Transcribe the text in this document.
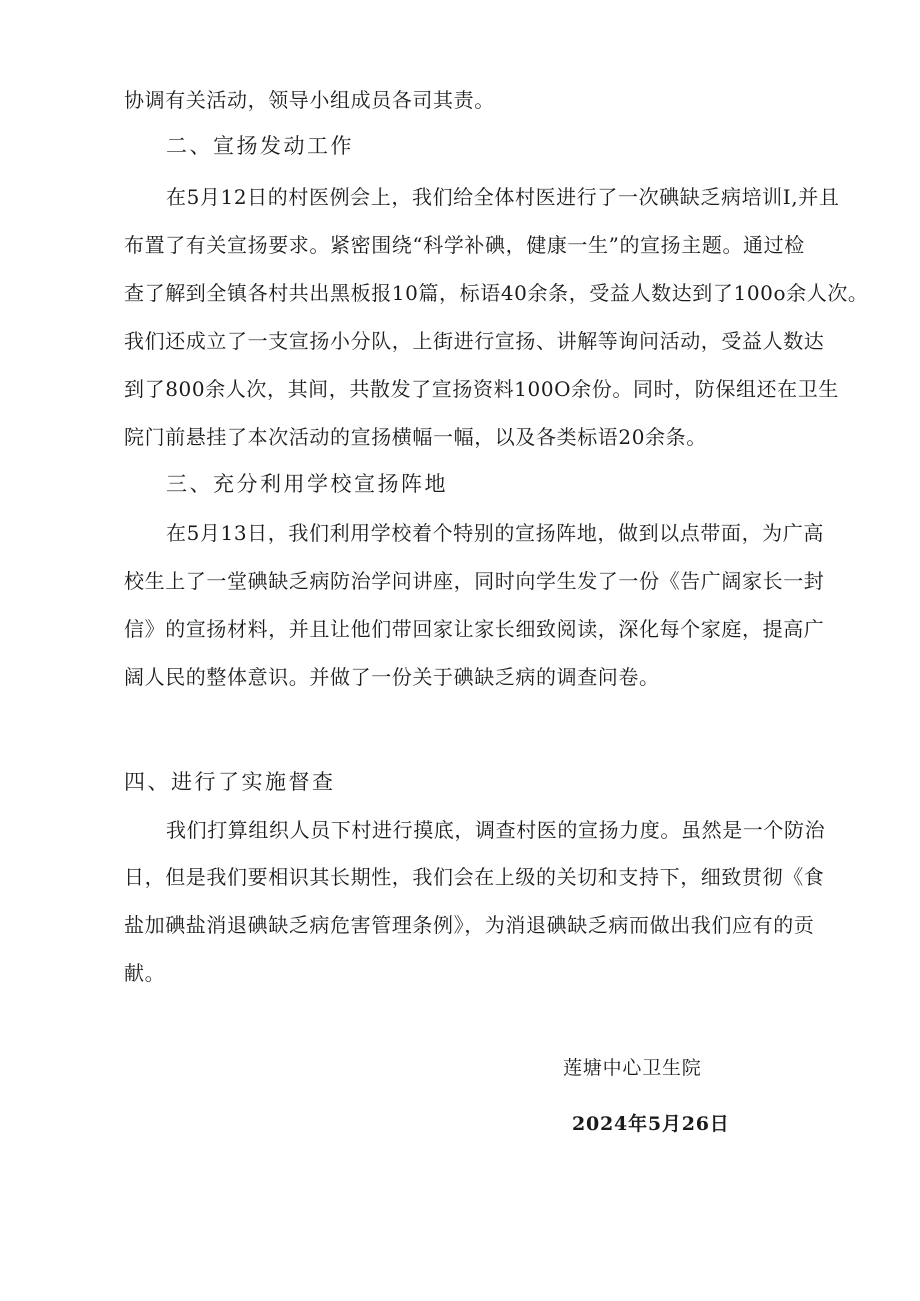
协调有关活动，领导小组成员各司其责。
二、宣扬发动工作
在5月12日的村医例会上，我们给全体村医进行了一次碘缺乏病培训I,并且
布置了有关宣扬要求。紧密围绕“科学补碘，健康一生”的宣扬主题。通过检
查了解到全镇各村共出黑板报10篇，标语40余条，受益人数达到了100o余人次。
我们还成立了一支宣扬小分队，上街进行宣扬、讲解等询问活动，受益人数达
到了800余人次，其间，共散发了宣扬资料100O余份。同时，防保组还在卫生
院门前悬挂了本次活动的宣扬横幅一幅，以及各类标语20余条。
三、充分利用学校宣扬阵地
在5月13日，我们利用学校着个特别的宣扬阵地，做到以点带面，为广高
校生上了一堂碘缺乏病防治学问讲座，同时向学生发了一份《告广阔家长一封
信》的宣扬材料，并且让他们带回家让家长细致阅读，深化每个家庭，提高广
阔人民的整体意识。并做了一份关于碘缺乏病的调查问卷。
四、进行了实施督查
我们打算组织人员下村进行摸底，调查村医的宣扬力度。虽然是一个防治
日，但是我们要相识其长期性，我们会在上级的关切和支持下，细致贯彻《食
盐加碘盐消退碘缺乏病危害管理条例》，为消退碘缺乏病而做出我们应有的贡
献。
莲塘中心卫生院
2024年5月26日
